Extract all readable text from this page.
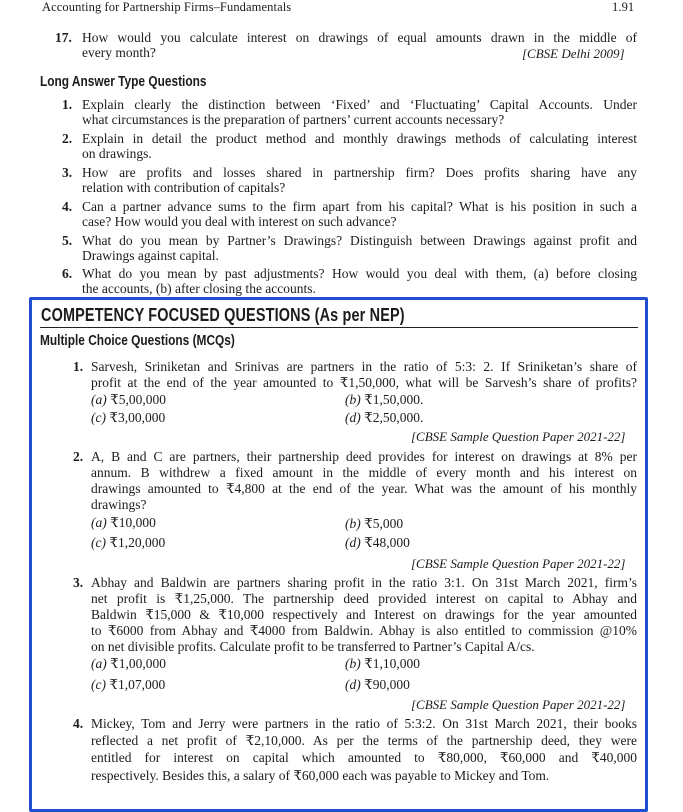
Accounting for Partnership Firms–Fundamentals	1.91
17. How would you calculate interest on drawings of equal amounts drawn in the middle of
every month?	[CBSE Delhi 2009]
Long Answer Type Questions
1. Explain clearly the distinction between ‘Fixed’ and ‘Fluctuating’ Capital Accounts. Under
what circumstances is the preparation of partners’ current accounts necessary?
2. Explain in detail the product method and monthly drawings methods of calculating interest
on drawings.
3. How are profits and losses shared in partnership firm? Does profits sharing have any
relation with contribution of capitals?
4. Can a partner advance sums to the firm apart from his capital? What is his position in such a
case? How would you deal with interest on such advance?
5. What do you mean by Partner’s Drawings? Distinguish between Drawings against profit and
Drawings against capital.
6. What do you mean by past adjustments? How would you deal with them, (a) before closing
the accounts, (b) after closing the accounts.
COMPETENCY FOCUSED QUESTIONS (As per NEP)
Multiple Choice Questions (MCQs)
1. Sarvesh, Sriniketan and Srinivas are partners in the ratio of 5:3: 2. If Sriniketan’s share of
profit at the end of the year amounted to ₹1,50,000, what will be Sarvesh’s share of profits?
(a) ₹5,00,000	(b) ₹1,50,000.
(c) ₹3,00,000	(d) ₹2,50,000.
[CBSE Sample Question Paper 2021-22]
2. A, B and C are partners, their partnership deed provides for interest on drawings at 8% per
annum. B withdrew a fixed amount in the middle of every month and his interest on
drawings amounted to ₹4,800 at the end of the year. What was the amount of his monthly
drawings?
(a) ₹10,000	(b) ₹5,000
(c) ₹1,20,000	(d) ₹48,000
[CBSE Sample Question Paper 2021-22]
3. Abhay and Baldwin are partners sharing profit in the ratio 3:1. On 31st March 2021, firm’s
net profit is ₹1,25,000. The partnership deed provided interest on capital to Abhay and
Baldwin ₹15,000 & ₹10,000 respectively and Interest on drawings for the year amounted
to ₹6000 from Abhay and ₹4000 from Baldwin. Abhay is also entitled to commission @10%
on net divisible profits. Calculate profit to be transferred to Partner’s Capital A/cs.
(a) ₹1,00,000	(b) ₹1,10,000
(c) ₹1,07,000	(d) ₹90,000
[CBSE Sample Question Paper 2021-22]
4. Mickey, Tom and Jerry were partners in the ratio of 5:3:2. On 31st March 2021, their books
reflected a net profit of ₹2,10,000. As per the terms of the partnership deed, they were
entitled for interest on capital which amounted to ₹80,000, ₹60,000 and ₹40,000
respectively. Besides this, a salary of ₹60,000 each was payable to Mickey and Tom.
